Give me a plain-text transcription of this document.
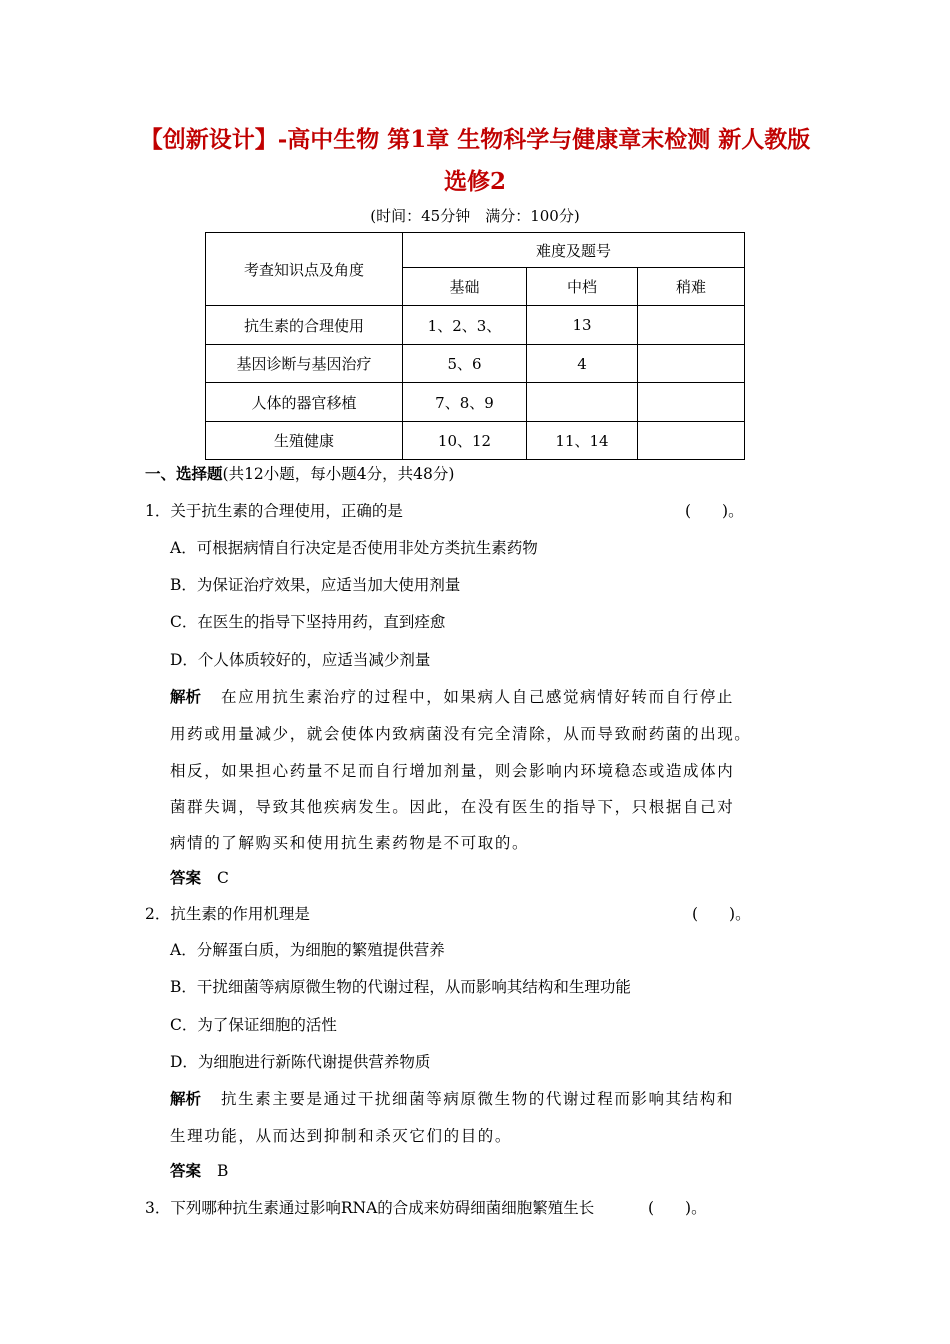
【创新设计】-高中生物 第1章 生物科学与健康章末检测 新人教版
选修2
(时间：45分钟　满分：100分)
考查知识点及角度	难度及题号		
	基础	中档	稍难
抗生素的合理使用	1、2、3、	13	
基因诊断与基因治疗	5、6	4	
人体的器官移植	7、8、9		
生殖健康	10、12	11、14	
一、选择题(共12小题，每小题4分，共48分)
1．关于抗生素的合理使用，正确的是	(　　)。
A．可根据病情自行决定是否使用非处方类抗生素药物
B．为保证治疗效果，应适当加大使用剂量
C．在医生的指导下坚持用药，直到痊愈
D．个人体质较好的，应适当减少剂量
解析 在应用抗生素治疗的过程中，如果病人自己感觉病情好转而自行停止
用药或用量减少，就会使体内致病菌没有完全清除，从而导致耐药菌的出现。
相反，如果担心药量不足而自行增加剂量，则会影响内环境稳态或造成体内
菌群失调，导致其他疾病发生。因此，在没有医生的指导下，只根据自己对
病情的了解购买和使用抗生素药物是不可取的。
答案 C
2．抗生素的作用机理是	(　　)。
A．分解蛋白质，为细胞的繁殖提供营养
B．干扰细菌等病原微生物的代谢过程，从而影响其结构和生理功能
C．为了保证细胞的活性
D．为细胞进行新陈代谢提供营养物质
解析 抗生素主要是通过干扰细菌等病原微生物的代谢过程而影响其结构和
生理功能，从而达到抑制和杀灭它们的目的。
答案 B
3．下列哪种抗生素通过影响RNA的合成来妨碍细菌细胞繁殖生长	(　　)。
